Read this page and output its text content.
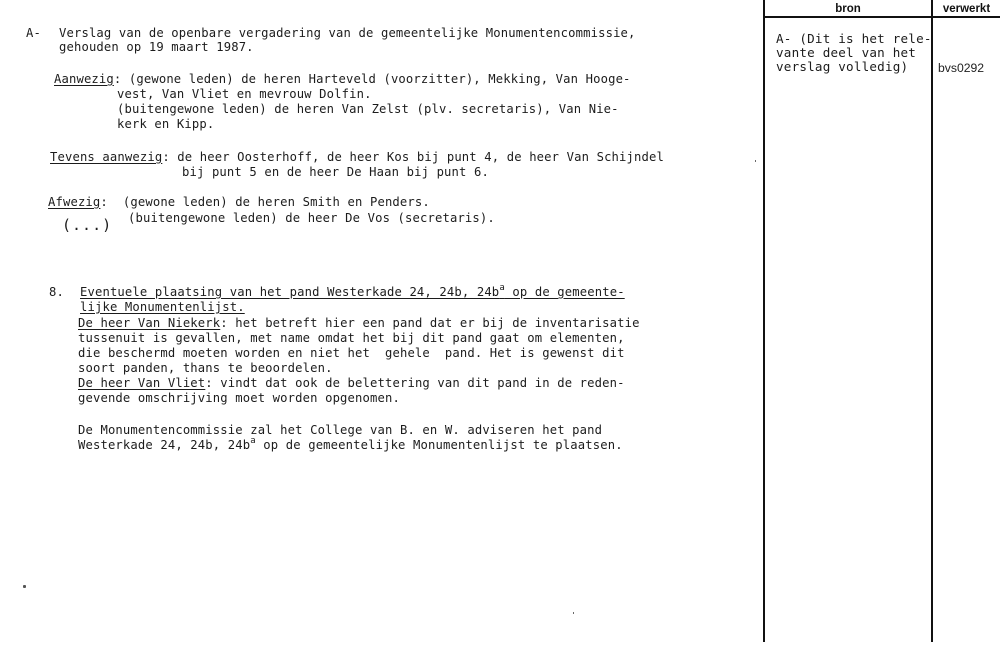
bron	verwerkt
A- (Dit is het rele-
vante deel van het
verslag volledig) bvs0292
A- Verslag van de openbare vergadering van de gemeentelijke Monumentencommissie,
gehouden op 19 maart 1987.
Aanwezig: (gewone leden) de heren Harteveld (voorzitter), Mekking, Van Hooge-
vest, Van Vliet en mevrouw Dolfin.
(buitengewone leden) de heren Van Zelst (plv. secretaris), Van Nie-
kerk en Kipp.
Tevens aanwezig: de heer Oosterhoff, de heer Kos bij punt 4, de heer Van Schijndel
bij punt 5 en de heer De Haan bij punt 6.
Afwezig:  (gewone leden) de heren Smith en Penders.
(buitengewone leden) de heer De Vos (secretaris).
(...)
8. Eventuele plaatsing van het pand Westerkade 24, 24b, $24b^a$ op de gemeente-
lijke Monumentenlijst.
De heer Van Niekerk: het betreft hier een pand dat er bij de inventarisatie
tussenuit is gevallen, met name omdat het bij dit pand gaat om elementen,
die beschermd moeten worden en niet het  gehele  pand. Het is gewenst dit
soort panden, thans te beoordelen.
De heer Van Vliet: vindt dat ook de belettering van dit pand in de reden-
gevende omschrijving moet worden opgenomen.
De Monumentencommissie zal het College van B. en W. adviseren het pand
Westerkade 24, 24b, $24b^a$ op de gemeentelijke Monumentenlijst te plaatsen.
